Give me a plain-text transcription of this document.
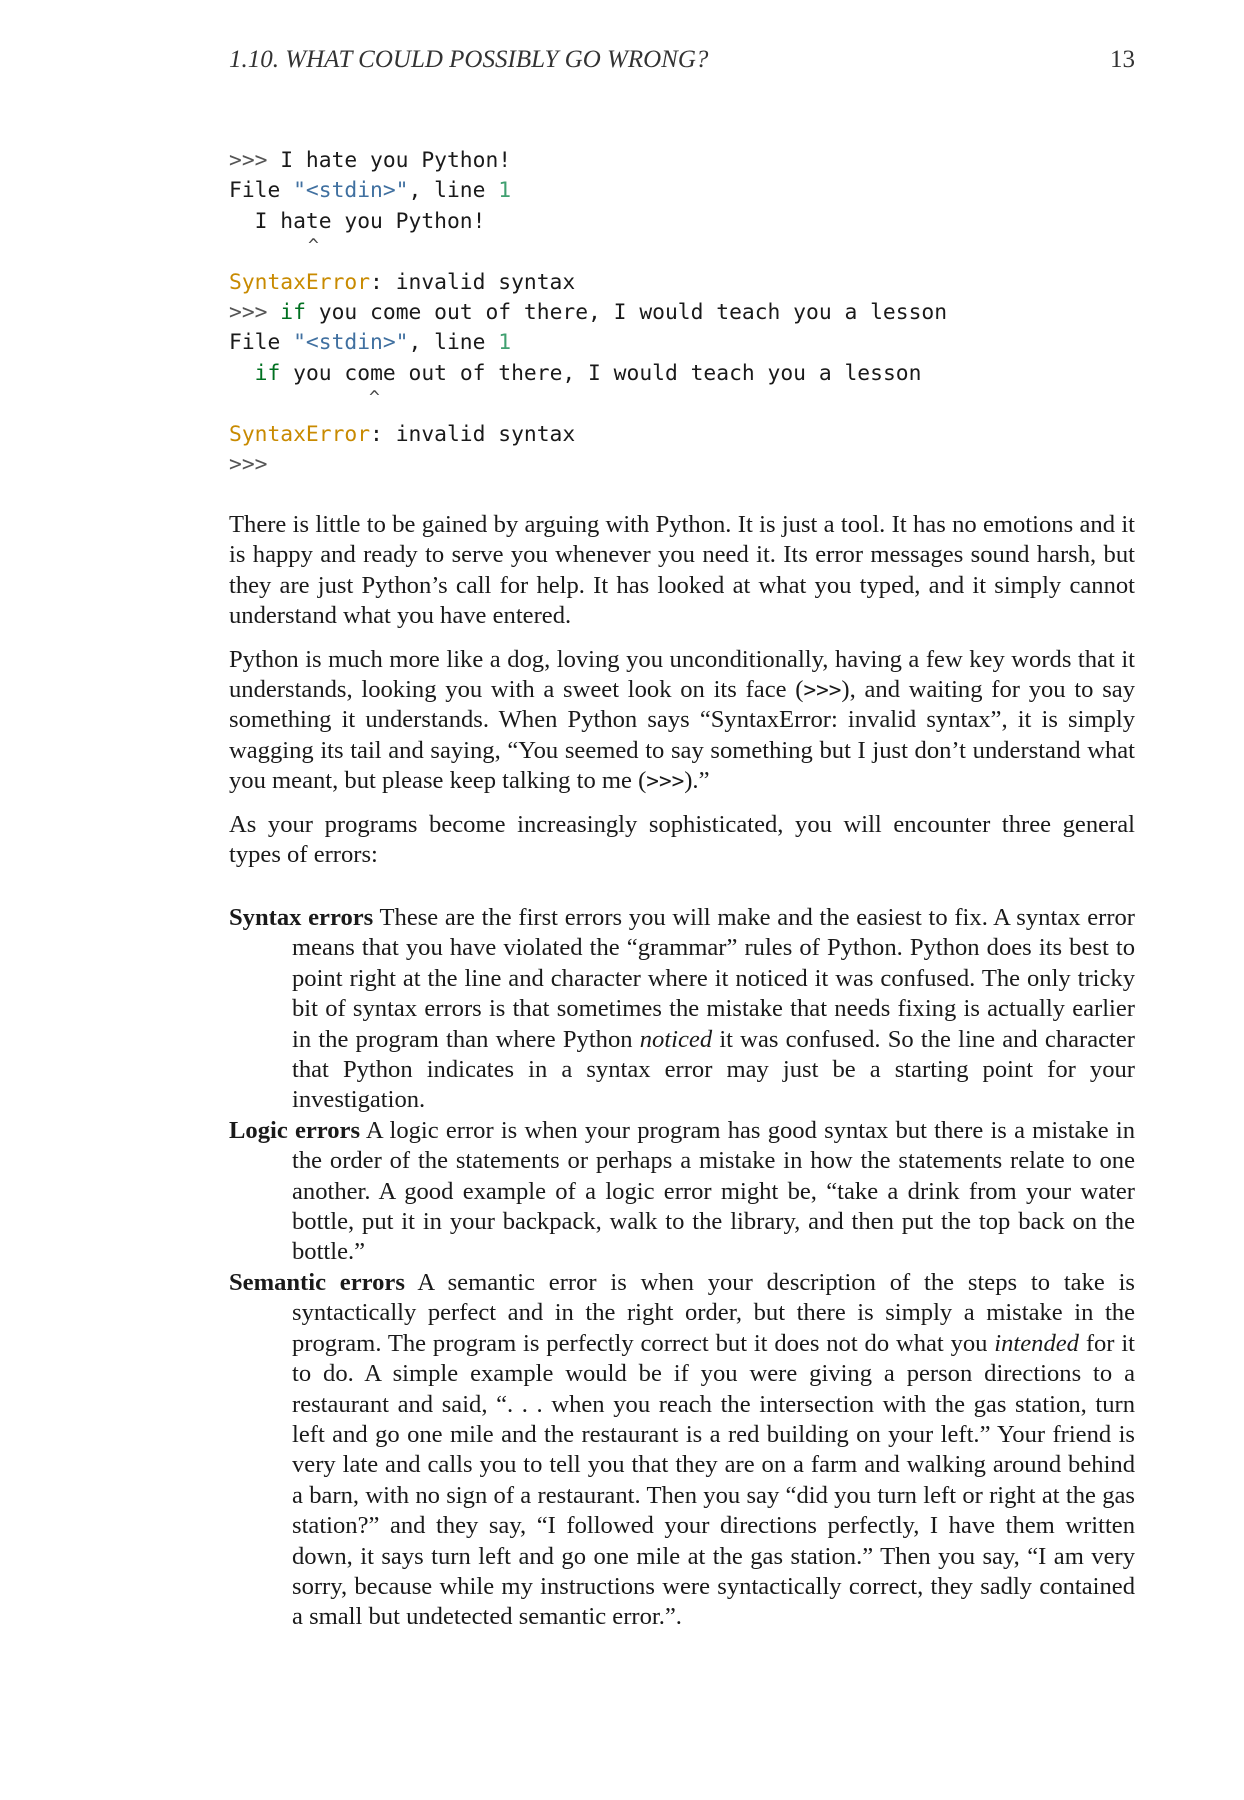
1.10. WHAT COULD POSSIBLY GO WRONG?	13
>>> I hate you Python!
File "<stdin>", line 1
I hate you Python!
^
SyntaxError: invalid syntax
>>> if you come out of there, I would teach you a lesson
File "<stdin>", line 1
if you come out of there, I would teach you a lesson
^
SyntaxError: invalid syntax
>>>

There is little to be gained by arguing with Python. It is just a tool. It has no emotions and it is happy and ready to serve you whenever you need it. Its error messages sound harsh, but they are just Python’s call for help. It has looked at what you typed, and it simply cannot understand what you have entered.

Python is much more like a dog, loving you unconditionally, having a few key words that it understands, looking you with a sweet look on its face (>>>), and waiting for you to say something it understands. When Python says “SyntaxError: invalid syntax”, it is simply wagging its tail and saying, “You seemed to say something but I just don’t understand what you meant, but please keep talking to me (>>>).”

As your programs become increasingly sophisticated, you will encounter three general types of errors:

Syntax errors These are the first errors you will make and the easiest to fix. A syntax error means that you have violated the “grammar” rules of Python. Python does its best to point right at the line and character where it noticed it was confused. The only tricky bit of syntax errors is that sometimes the mistake that needs fixing is actually earlier in the program than where Python noticed it was confused. So the line and character that Python indicates in a syntax error may just be a starting point for your investigation.

Logic errors A logic error is when your program has good syntax but there is a mistake in the order of the statements or perhaps a mistake in how the statements relate to one another. A good example of a logic error might be, “take a drink from your water bottle, put it in your backpack, walk to the library, and then put the top back on the bottle.”

Semantic errors A semantic error is when your description of the steps to take is syntactically perfect and in the right order, but there is simply a mistake in the program. The program is perfectly correct but it does not do what you intended for it to do. A simple example would be if you were giving a person directions to a restaurant and said, “. . . when you reach the intersection with the gas station, turn left and go one mile and the restaurant is a red building on your left.” Your friend is very late and calls you to tell you that they are on a farm and walking around behind a barn, with no sign of a restaurant. Then you say “did you turn left or right at the gas station?” and they say, “I followed your directions perfectly, I have them written down, it says turn left and go one mile at the gas station.” Then you say, “I am very sorry, because while my instructions were syntactically correct, they sadly contained a small but undetected semantic error.”.
